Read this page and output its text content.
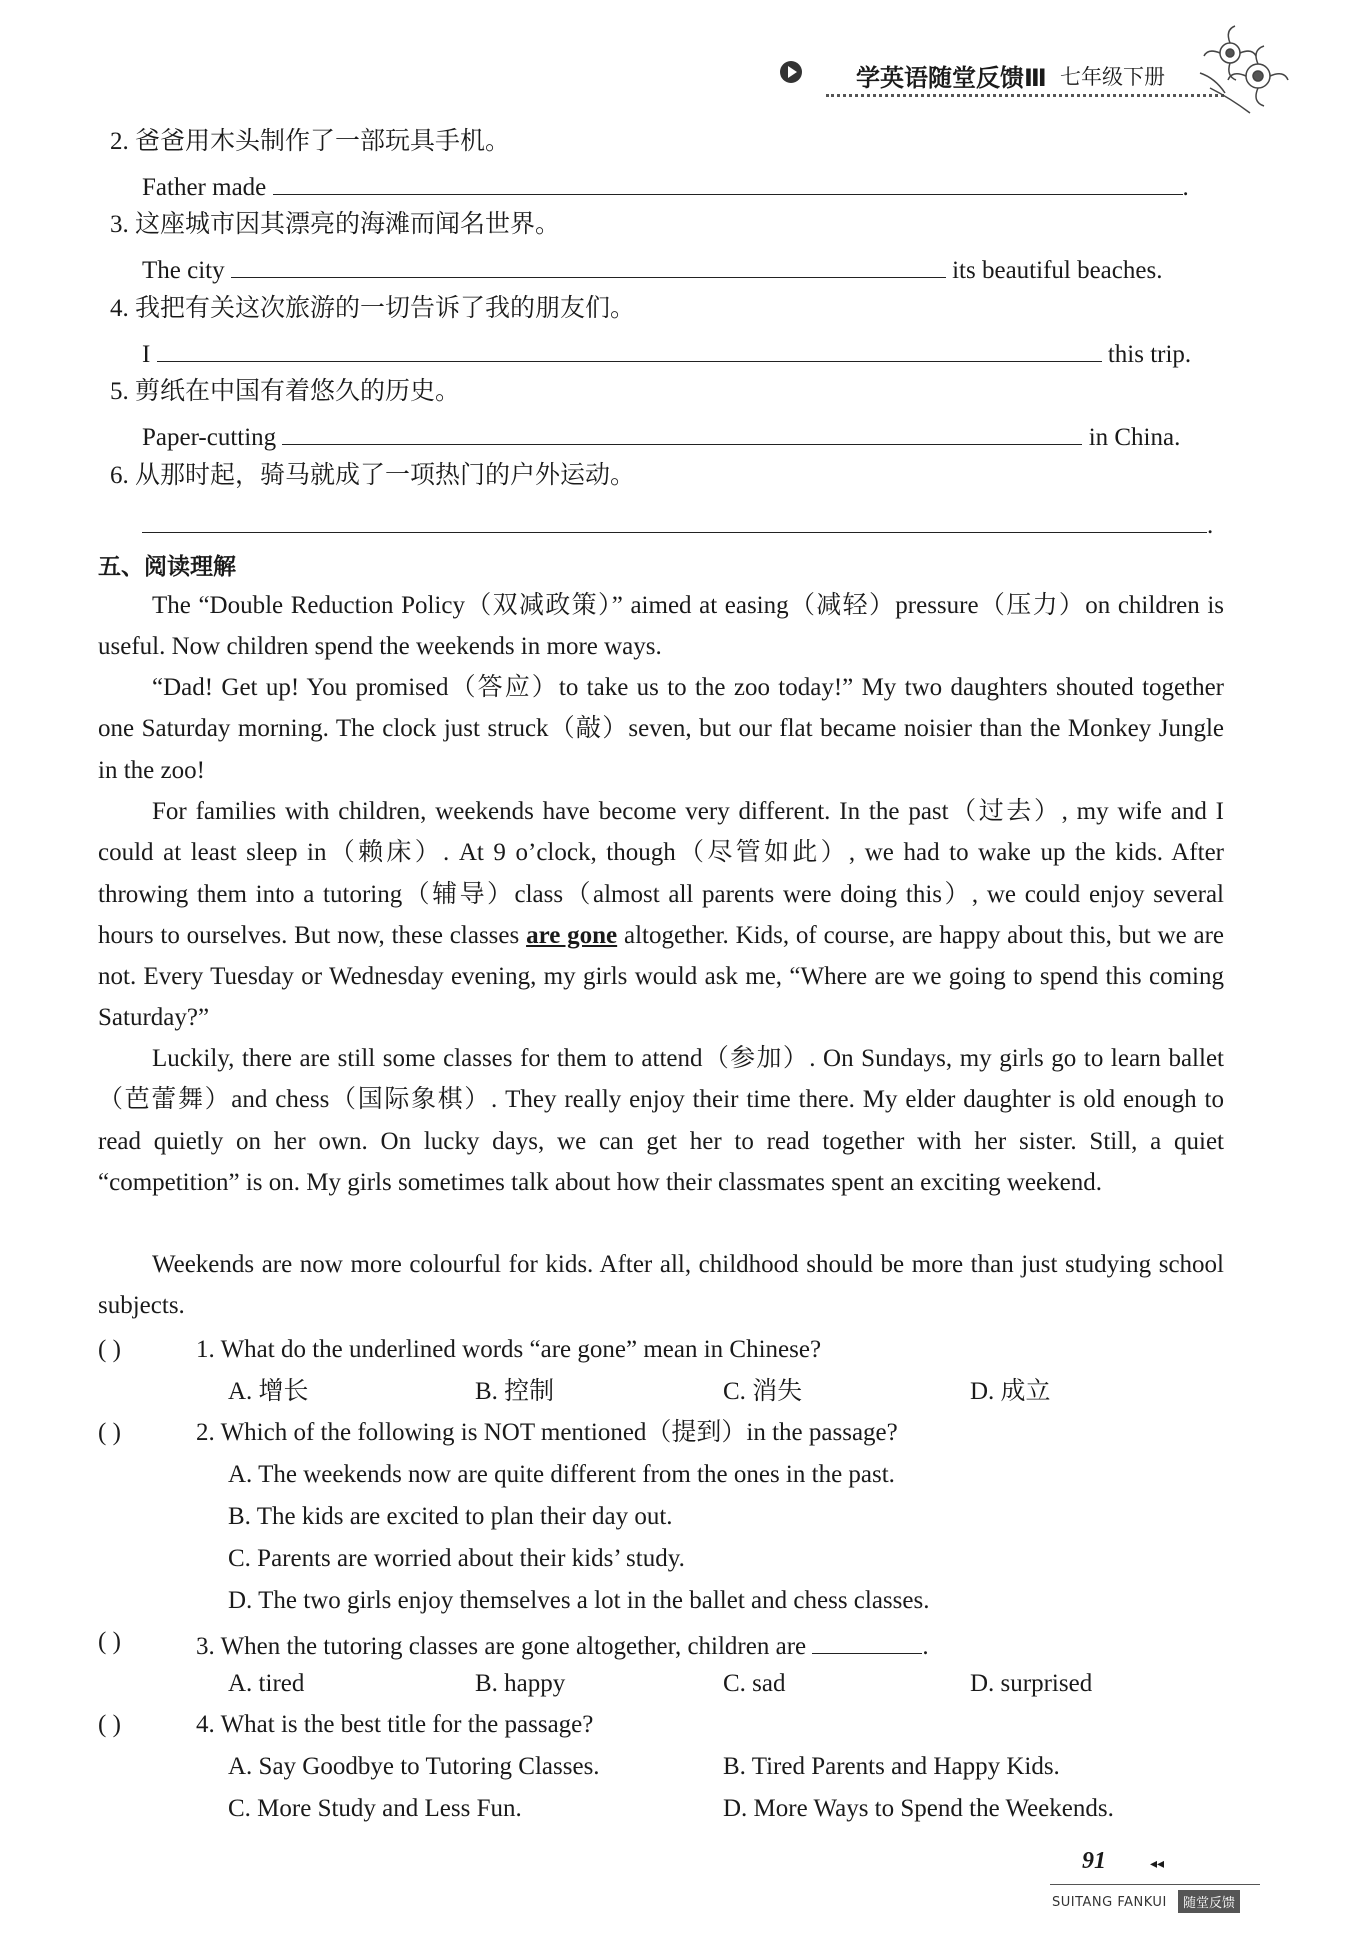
学英语随堂反馈Ⅲ 七年级下册
2. 爸爸用木头制作了一部玩具手机。
Father made	.
3. 这座城市因其漂亮的海滩而闻名世界。
The city	its beautiful beaches.
4. 我把有关这次旅游的一切告诉了我的朋友们。
I	this trip.
5. 剪纸在中国有着悠久的历史。
Paper-cutting	in China.
6. 从那时起，骑马就成了一项热门的户外运动。
.
五、阅读理解
The “Double Reduction Policy（双减政策）” aimed at easing（减轻）pressure（压力）on children is useful. Now children spend the weekends in more ways.
“Dad! Get up! You promised（答应）to take us to the zoo today!” My two daughters shouted together one Saturday morning. The clock just struck（敲）seven, but our flat became noisier than the Monkey Jungle in the zoo!
For families with children, weekends have become very different. In the past（过去）, my wife and I could at least sleep in（赖床）. At 9 o’clock, though（尽管如此）, we had to wake up the kids. After throwing them into a tutoring（辅导）class（almost all parents were doing this）, we could enjoy several hours to ourselves. But now, these classes are gone altogether. Kids, of course, are happy about this, but we are not. Every Tuesday or Wednesday evening, my girls would ask me, “Where are we going to spend this coming Saturday?”
Luckily, there are still some classes for them to attend（参加）. On Sundays, my girls go to learn ballet（芭蕾舞）and chess（国际象棋）. They really enjoy their time there. My elder daughter is old enough to read quietly on her own. On lucky days, we can get her to read together with her sister. Still, a quiet “competition” is on. My girls sometimes talk about how their classmates spent an exciting weekend.
Weekends are now more colourful for kids. After all, childhood should be more than just studying school subjects.
( )	1. What do the underlined words “are gone” mean in Chinese?
A. 增长	B. 控制	C. 消失	D. 成立
( )	2. Which of the following is NOT mentioned（提到）in the passage?
A. The weekends now are quite different from the ones in the past.
B. The kids are excited to plan their day out.
C. Parents are worried about their kids’ study.
D. The two girls enjoy themselves a lot in the ballet and chess classes.
( )	3. When the tutoring classes are gone altogether, children are	.
A. tired	B. happy	C. sad	D. surprised
( )	4. What is the best title for the passage?
A. Say Goodbye to Tutoring Classes.	B. Tired Parents and Happy Kids.
C. More Study and Less Fun.	D. More Ways to Spend the Weekends.
91	◂◂
SUITANG FANKUI	随堂反馈
